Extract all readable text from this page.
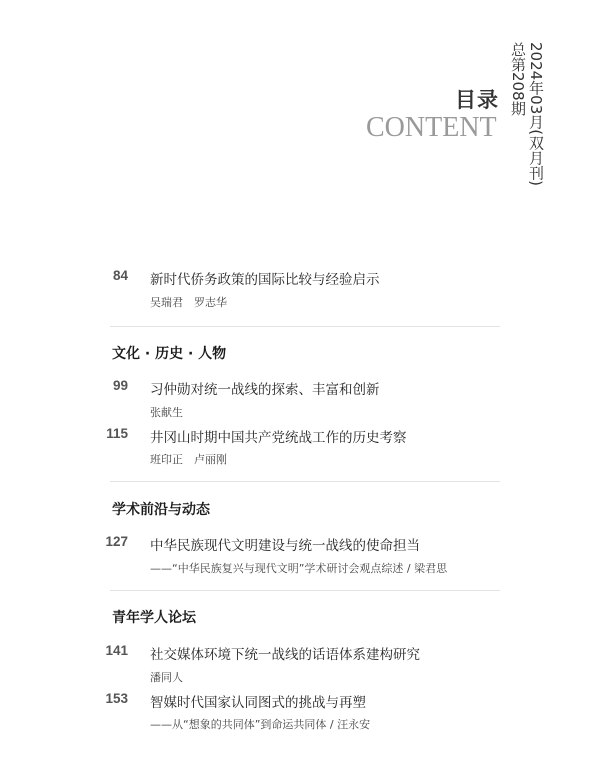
目录
CONTENT 2024年03月(双月刊)
总第208期
84 新时代侨务政策的国际比较与经验启示
吴瑞君　罗志华
文化 · 历史 · 人物
99 习仲勋对统一战线的探索、丰富和创新
张献生
115 井冈山时期中国共产党统战工作的历史考察
班印正　卢丽刚
学术前沿与动态
127 中华民族现代文明建设与统一战线的使命担当
——“中华民族复兴与现代文明”学术研讨会观点综述 / 梁君思
青年学人论坛
141 社交媒体环境下统一战线的话语体系建构研究
潘同人
153 智媒时代国家认同图式的挑战与再塑
——从“想象的共同体”到命运共同体 / 汪永安
